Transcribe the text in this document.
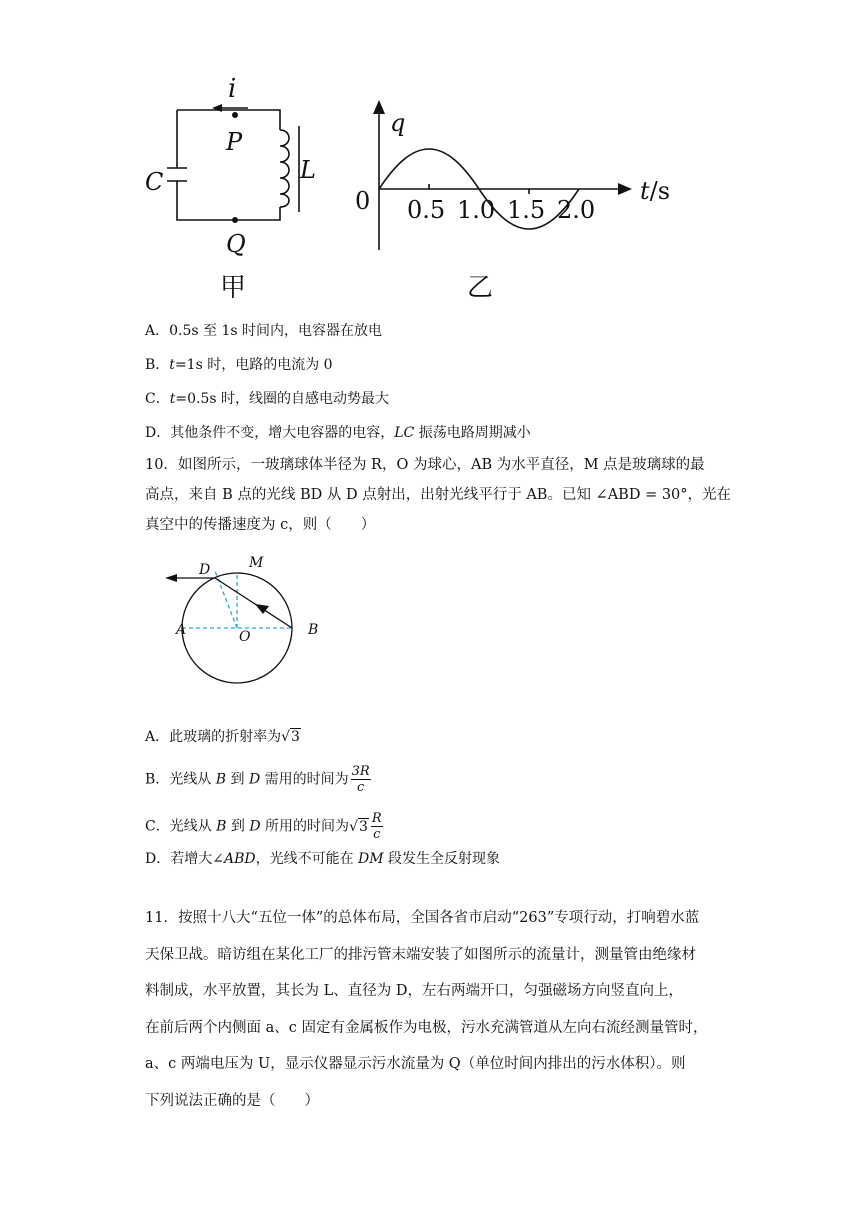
i
P
Q
C	L
甲
q
t/s
0 0.5 1.0 1.5 2.0
乙
A．0.5s 至 1s 时间内，电容器在放电
B．t=1s 时，电路的电流为 0
C．t=0.5s 时，线圈的自感电动势最大
D．其他条件不变，增大电容器的电容，LC 振荡电路周期减小
10．如图所示，一玻璃球体半径为 R，O 为球心，AB 为水平直径，M 点是玻璃球的最
高点，来自 B 点的光线 BD 从 D 点射出，出射光线平行于 AB。已知 ∠ABD = 30°，光在
真空中的传播速度为 c，则（　　）
D	M
A	O	B
A．此玻璃的折射率为√3
B．光线从 B 到 D 需用的时间为 $\frac{3R}{c}$
C．光线从 B 到 D 所用的时间为$√3 \frac{R}{c}$
D．若增大∠ABD，光线不可能在 DM 段发生全反射现象
11．按照十八大“五位一体”的总体布局，全国各省市启动“263”专项行动，打响碧水蓝
天保卫战。暗访组在某化工厂的排污管末端安装了如图所示的流量计，测量管由绝缘材
料制成，水平放置，其长为 L、直径为 D，左右两端开口，匀强磁场方向竖直向上，
在前后两个内侧面 a、c 固定有金属板作为电极，污水充满管道从左向右流经测量管时，
a、c 两端电压为 U，显示仪器显示污水流量为 Q（单位时间内排出的污水体积）。则
下列说法正确的是（　　）
